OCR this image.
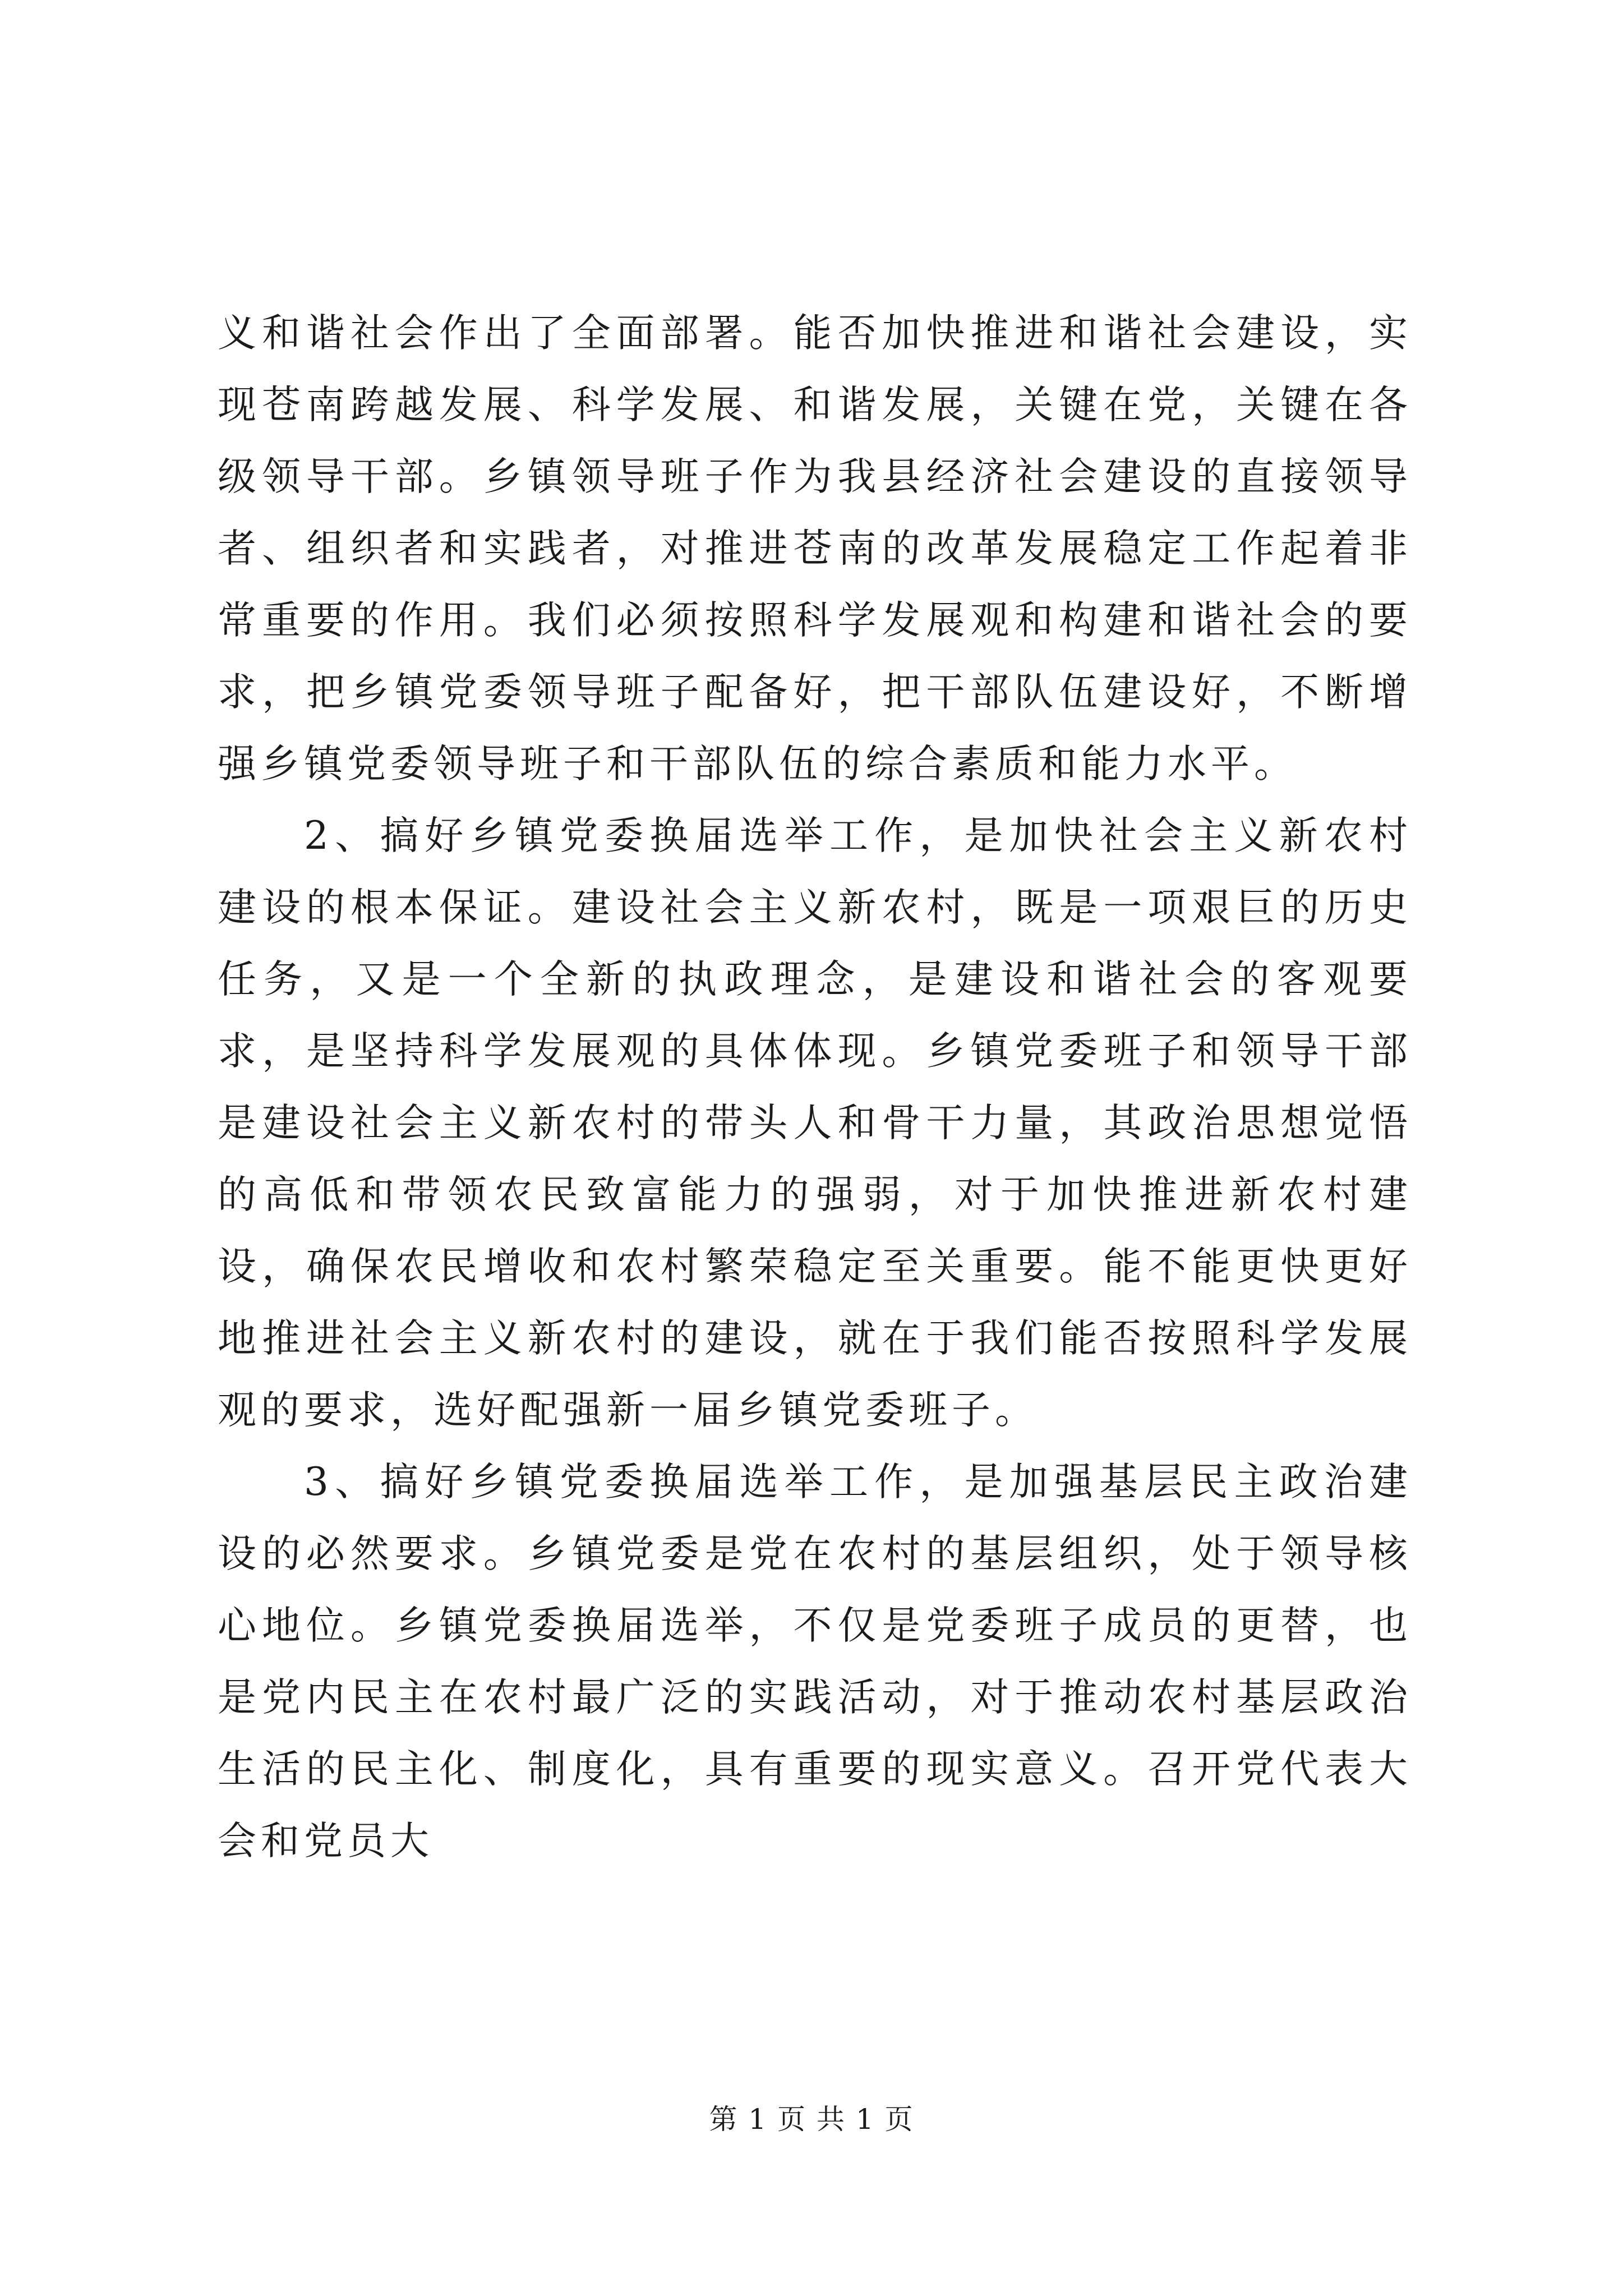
义和谐社会作出了全面部署。能否加快推进和谐社会建设，实现苍南跨越发展、科学发展、和谐发展，关键在党，关键在各级领导干部。乡镇领导班子作为我县经济社会建设的直接领导者、组织者和实践者，对推进苍南的改革发展稳定工作起着非常重要的作用。我们必须按照科学发展观和构建和谐社会的要求，把乡镇党委领导班子配备好，把干部队伍建设好，不断增强乡镇党委领导班子和干部队伍的综合素质和能力水平。

2、搞好乡镇党委换届选举工作，是加快社会主义新农村建设的根本保证。建设社会主义新农村，既是一项艰巨的历史任务，又是一个全新的执政理念，是建设和谐社会的客观要求，是坚持科学发展观的具体体现。乡镇党委班子和领导干部是建设社会主义新农村的带头人和骨干力量，其政治思想觉悟的高低和带领农民致富能力的强弱，对于加快推进新农村建设，确保农民增收和农村繁荣稳定至关重要。能不能更快更好地推进社会主义新农村的建设，就在于我们能否按照科学发展观的要求，选好配强新一届乡镇党委班子。

3、搞好乡镇党委换届选举工作，是加强基层民主政治建设的必然要求。乡镇党委是党在农村的基层组织，处于领导核心地位。乡镇党委换届选举，不仅是党委班子成员的更替，也是党内民主在农村最广泛的实践活动，对于推动农村基层政治生活的民主化、制度化，具有重要的现实意义。召开党代表大会和党员大

第 1 页 共 1 页
